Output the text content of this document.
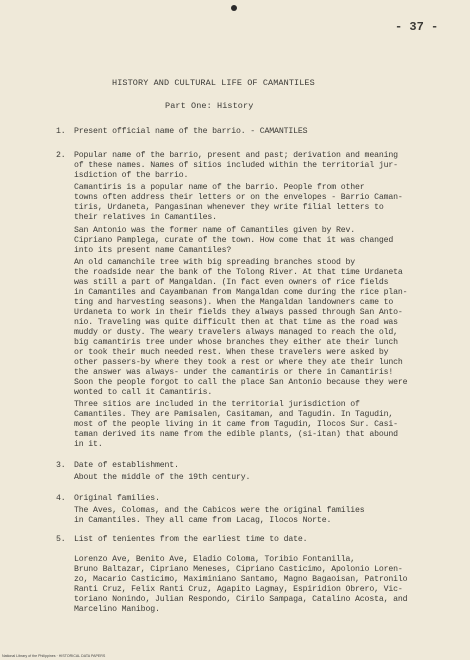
- 37 -
HISTORY AND CULTURAL LIFE OF CAMANTILES
Part One: History
1. Present official name of the barrio. - CAMANTILES
2. Popular name of the barrio, present and past; derivation and meaning
of these names. Names of sitios included within the territorial jur-
isdiction of the barrio.
Camantiris is a popular name of the barrio. People from other
towns often address their letters or on the envelopes - Barrio Caman-
tiris, Urdaneta, Pangasinan whenever they write filial letters to
their relatives in Camantiles.
San Antonio was the former name of Camantiles given by Rev.
Cipriano Pamplega, curate of the town. How come that it was changed
into its present name Camantiles?
An old camanchile tree with big spreading branches stood by
the roadside near the bank of the Tolong River. At that time Urdaneta
was still a part of Mangaldan. (In fact even owners of rice fields
in Camantiles and Cayambanan from Mangaldan come during the rice plan-
ting and harvesting seasons). When the Mangaldan landowners came to
Urdaneta to work in their fields they always passed through San Anto-
nio. Traveling was quite difficult then at that time as the road was
muddy or dusty. The weary travelers always managed to reach the old,
big camantiris tree under whose branches they either ate their lunch
or took their much needed rest. When these travelers were asked by
other passers-by where they took a rest or where they ate their lunch
the answer was always- under the camantiris or there in Camantiris!
Soon the people forgot to call the place San Antonio because they were
wonted to call it Camantiris.
Three sitios are included in the territorial jurisdiction of
Camantiles. They are Pamisalen, Casitaman, and Tagudin. In Tagudin,
most of the people living in it came from Tagudin, Ilocos Sur. Casi-
taman derived its name from the edible plants, (si-itan) that abound
in it.
3. Date of establishment.
About the middle of the 19th century.
4. Original families.
The Aves, Colomas, and the Cabicos were the original families
in Camantiles. They all came from Lacag, Ilocos Norte.
5. List of tenientes from the earliest time to date.
Lorenzo Ave, Benito Ave, Eladio Coloma, Toribio Fontanilla,
Bruno Baltazar, Cipriano Meneses, Cipriano Casticimo, Apolonio Loren-
zo, Macario Casticimo, Maximiniano Santamo, Magno Bagaoisan, Patronilo
Ranti Cruz, Felix Ranti Cruz, Agapito Lagmay, Espiridion Obrero, Vic-
toriano Nonindo, Julian Respondo, Cirilo Sampaga, Catalino Acosta, and
Marcelino Manibog.
National Library of the Philippines · HISTORICAL DATA PAPERS
